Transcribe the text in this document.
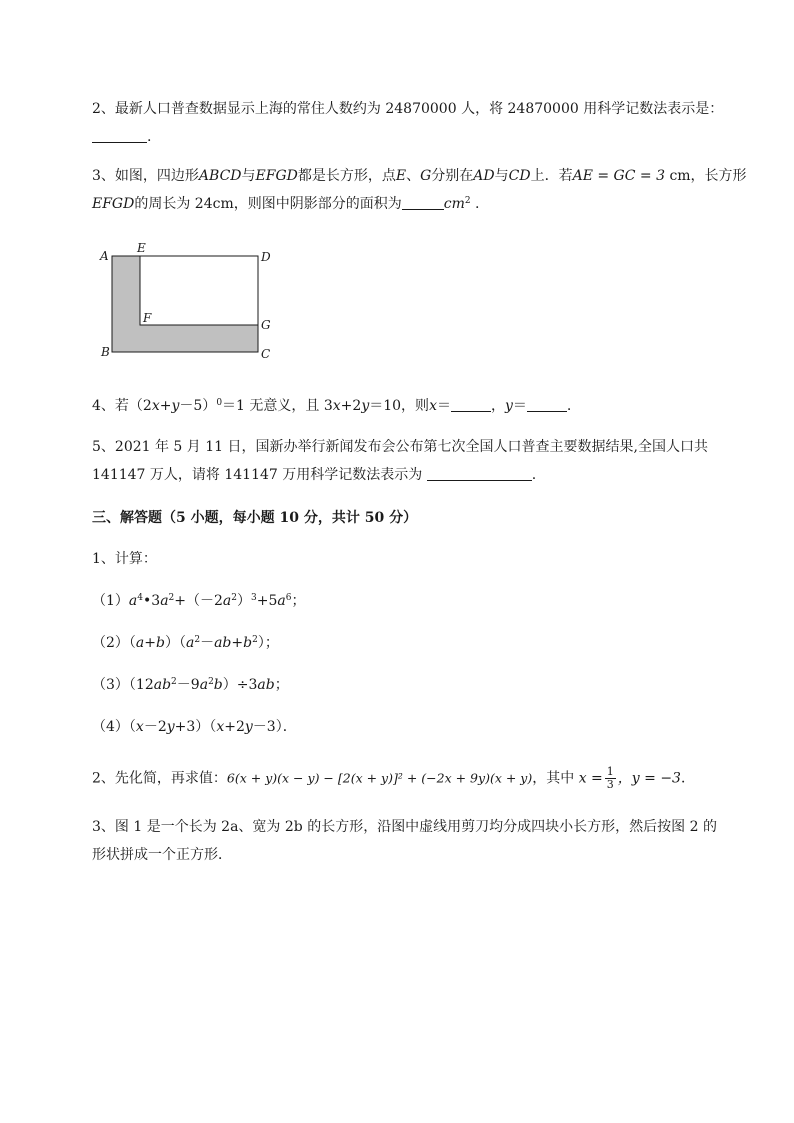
2、最新人口普查数据显示上海的常住人数约为 24870000 人，将 24870000 用科学记数法表示是：
.
3、如图，四边形ABCD与EFGD都是长方形，点E、G分别在AD与CD上．若AE = GC = 3 cm，长方形
EFGD的周长为 24cm，则图中阴影部分的面积为	$cm^2$ .
A
E
D
F	G
B	C
4、若$(2x+y-5)^0=1$ 无意义，且 3x+2y＝10，则x＝	，y＝	.
5、2021 年 5 月 11 日，国新办举行新闻发布会公布第七次全国人口普查主要数据结果,全国人口共
141147 万人，请将 141147 万用科学记数法表示为	.
三、解答题（5 小题，每小题 10 分，共计 50 分）
1、计算：
$(1)a^4•3a^2+(-2a^2)^3+5a^6$；
$(2)(a+b)(a^2-ab+b^2)$；
$(3)(12ab^2-9a^2b)\div 3ab$；
（4）（x－2y+3）（x+2y－3）．
2、先化简，再求值：6(x + y)(x − y) − [2(x + y)]² + (−2x + 9y)(x + y)，其中 $x = \frac{1}{3}$ ，y = −3．
3、图 1 是一个长为 2a、宽为 2b 的长方形，沿图中虚线用剪刀均分成四块小长方形，然后按图 2 的
形状拼成一个正方形．
